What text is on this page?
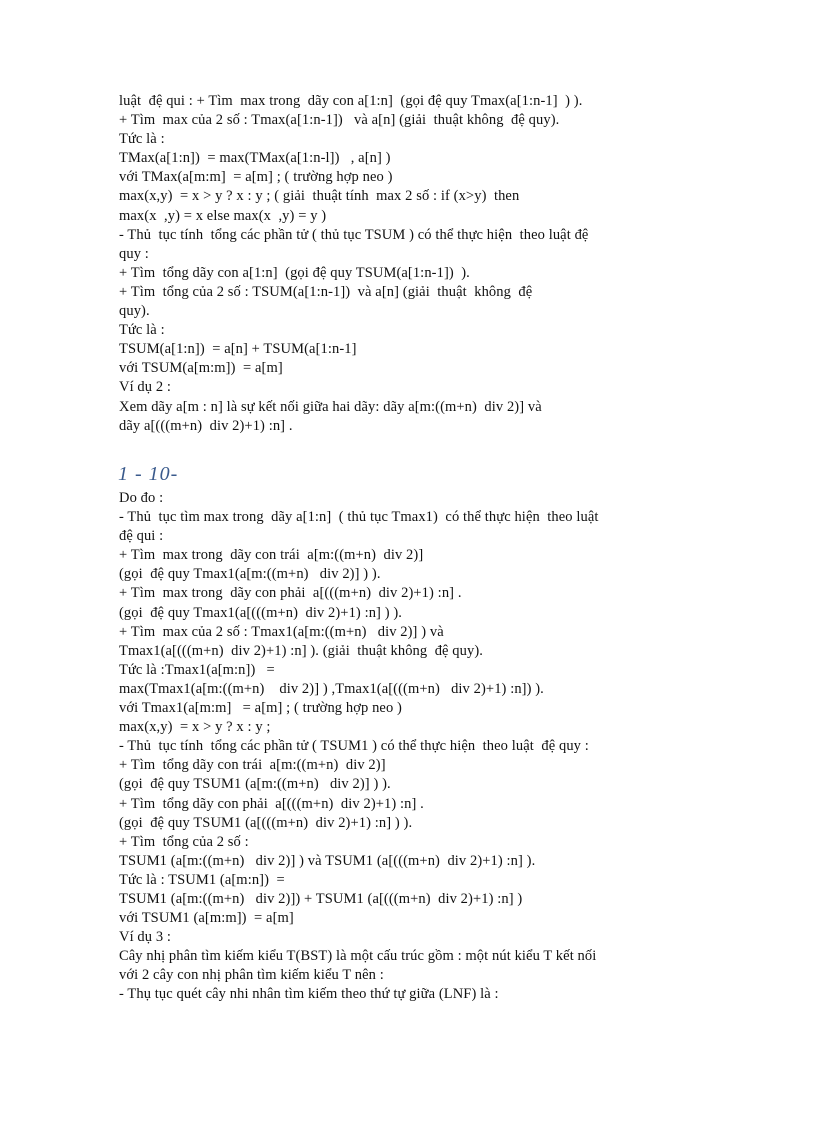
luật  đệ qui : + Tìm  max trong  dãy con a[1:n]  (gọi đệ quy Tmax(a[1:n-1]  ) ).
+ Tìm  max của 2 số : Tmax(a[1:n-1])   và a[n] (giải  thuật không  đệ quy).
Tức là :
TMax(a[1:n])  = max(TMax(a[1:n-l])   , a[n] )
với TMax(a[m:m]  = a[m] ; ( trường hợp neo )
max(x,y)  = x > y ? x : y ; ( giải  thuật tính  max 2 số : if (x>y)  then
max(x  ,y) = x else max(x  ,y) = y )
- Thủ  tục tính  tổng các phần tử ( thủ tục TSUM ) có thể thực hiện  theo luật đệ
quy :
+ Tìm  tổng dãy con a[1:n]  (gọi đệ quy TSUM(a[1:n-1])  ).
+ Tìm  tổng của 2 số : TSUM(a[1:n-1])  và a[n] (giải  thuật  không  đệ
quy).
Tức là :
TSUM(a[1:n])  = a[n] + TSUM(a[1:n-1]
với TSUM(a[m:m])  = a[m]
Ví dụ 2 :
Xem dãy a[m : n] là sự kết nối giữa hai dãy: dãy a[m:((m+n)  div 2)] và
dãy a[(((m+n)  div 2)+1) :n] .
1 - 10-
Do đo :
- Thủ  tục tìm max trong  dãy a[1:n]  ( thủ tục Tmax1)  có thể thực hiện  theo luật
đệ qui :
+ Tìm  max trong  dãy con trái  a[m:((m+n)  div 2)]
(gọi  đệ quy Tmax1(a[m:((m+n)   div 2)] ) ).
+ Tìm  max trong  dãy con phải  a[(((m+n)  div 2)+1) :n] .
(gọi  đệ quy Tmax1(a[(((m+n)  div 2)+1) :n] ) ).
+ Tìm  max của 2 số : Tmax1(a[m:((m+n)   div 2)] ) và
Tmax1(a[(((m+n)  div 2)+1) :n] ). (giải  thuật không  đệ quy).
Tức là :Tmax1(a[m:n])   =
max(Tmax1(a[m:((m+n)    div 2)] ) ,Tmax1(a[(((m+n)   div 2)+1) :n]) ).
với Tmax1(a[m:m]   = a[m] ; ( trường hợp neo )
max(x,y)  = x > y ? x : y ;
- Thủ  tục tính  tổng các phần tử ( TSUM1 ) có thể thực hiện  theo luật  đệ quy :
+ Tìm  tổng dãy con trái  a[m:((m+n)  div 2)]
(gọi  đệ quy TSUM1 (a[m:((m+n)   div 2)] ) ).
+ Tìm  tổng dãy con phải  a[(((m+n)  div 2)+1) :n] .
(gọi  đệ quy TSUM1 (a[(((m+n)  div 2)+1) :n] ) ).
+ Tìm  tổng của 2 số :
TSUM1 (a[m:((m+n)   div 2)] ) và TSUM1 (a[(((m+n)  div 2)+1) :n] ).
Tức là : TSUM1 (a[m:n])  =
TSUM1 (a[m:((m+n)   div 2)]) + TSUM1 (a[(((m+n)  div 2)+1) :n] )
với TSUM1 (a[m:m])  = a[m]
Ví dụ 3 :
Cây nhị phân tìm kiếm kiểu T(BST) là một cấu trúc gồm : một nút kiểu T kết nối
với 2 cây con nhị phân tìm kiếm kiểu T nên :
- Thụ tục quét cây nhi nhân tìm kiếm theo thứ tự giữa (LNF) là :
